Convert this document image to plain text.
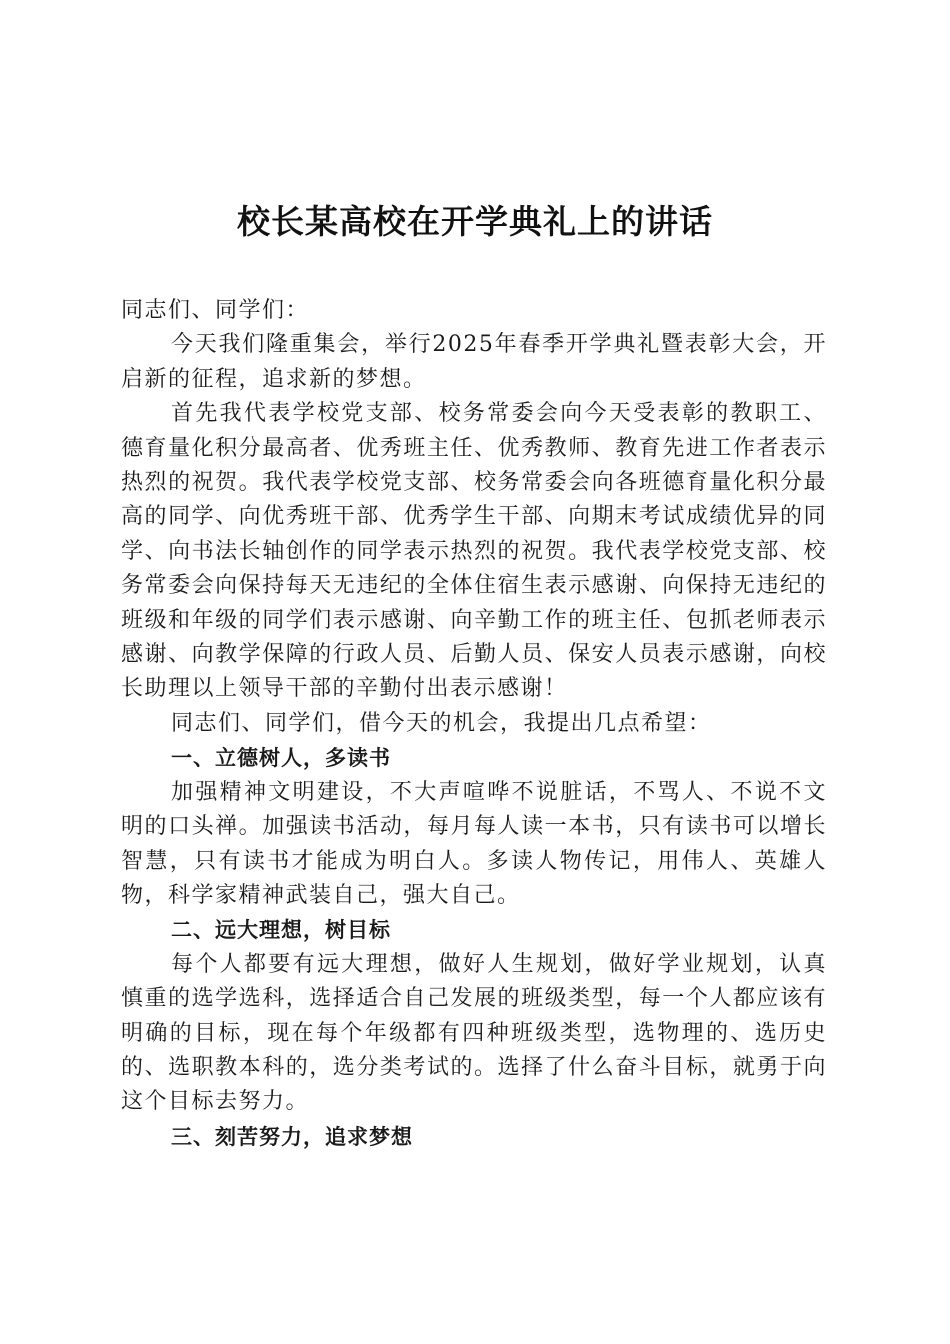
校长某高校在开学典礼上的讲话

同志们、同学们：

今天我们隆重集会，举行2025年春季开学典礼暨表彰大会，开启新的征程，追求新的梦想。

首先我代表学校党支部、校务常委会向今天受表彰的教职工、德育量化积分最高者、优秀班主任、优秀教师、教育先进工作者表示热烈的祝贺。我代表学校党支部、校务常委会向各班德育量化积分最高的同学、向优秀班干部、优秀学生干部、向期末考试成绩优异的同学、向书法长轴创作的同学表示热烈的祝贺。我代表学校党支部、校务常委会向保持每天无违纪的全体住宿生表示感谢、向保持无违纪的班级和年级的同学们表示感谢、向辛勤工作的班主任、包抓老师表示感谢、向教学保障的行政人员、后勤人员、保安人员表示感谢，向校长助理以上领导干部的辛勤付出表示感谢！

同志们、同学们，借今天的机会，我提出几点希望：

一、立德树人，多读书

加强精神文明建设，不大声喧哗不说脏话，不骂人、不说不文明的口头禅。加强读书活动，每月每人读一本书，只有读书可以增长智慧，只有读书才能成为明白人。多读人物传记，用伟人、英雄人物，科学家精神武装自己，强大自己。

二、远大理想，树目标

每个人都要有远大理想，做好人生规划，做好学业规划，认真慎重的选学选科，选择适合自己发展的班级类型，每一个人都应该有明确的目标，现在每个年级都有四种班级类型，选物理的、选历史的、选职教本科的，选分类考试的。选择了什么奋斗目标，就勇于向这个目标去努力。

三、刻苦努力，追求梦想
